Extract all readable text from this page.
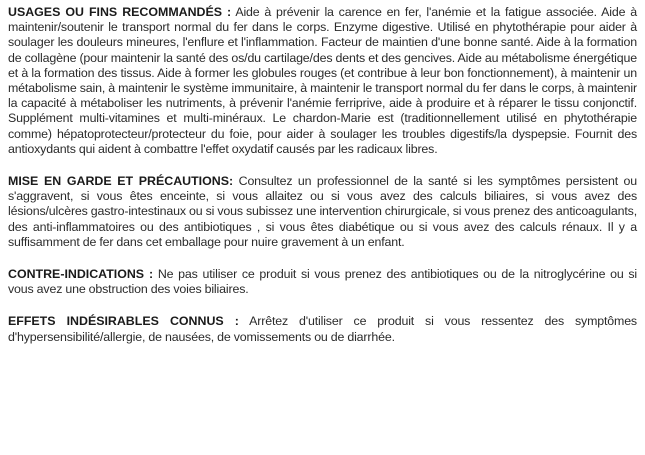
USAGES OU FINS RECOMMANDÉS : Aide à prévenir la carence en fer, l'anémie et la fatigue associée. Aide à maintenir/soutenir le transport normal du fer dans le corps. Enzyme digestive. Utilisé en phytothérapie pour aider à soulager les douleurs mineures, l'enflure et l'inflammation. Facteur de maintien d'une bonne santé. Aide à la formation de collagène (pour maintenir la santé des os/du cartilage/des dents et des gencives. Aide au métabolisme énergétique et à la formation des tissus. Aide à former les globules rouges (et contribue à leur bon fonctionnement), à maintenir un métabolisme sain, à maintenir le système immunitaire, à maintenir le transport normal du fer dans le corps, à maintenir la capacité à métaboliser les nutriments, à prévenir l'anémie ferriprive, aide à produire et à réparer le tissu conjonctif. Supplément multi-vitamines et multi-minéraux. Le chardon-Marie est (traditionnellement utilisé en phytothérapie comme) hépatoprotecteur/protecteur du foie, pour aider à soulager les troubles digestifs/la dyspepsie. Fournit des antioxydants qui aident à combattre l'effet oxydatif causés par les radicaux libres.

MISE EN GARDE ET PRÉCAUTIONS: Consultez un professionnel de la santé si les symptômes persistent ou s'aggravent, si vous êtes enceinte, si vous allaitez ou si vous avez des calculs biliaires, si vous avez des lésions/ulcères gastro-intestinaux ou si vous subissez une intervention chirurgicale, si vous prenez des anticoagulants, des anti-inflammatoires ou des antibiotiques , si vous êtes diabétique ou si vous avez des calculs rénaux. Il y a suffisamment de fer dans cet emballage pour nuire gravement à un enfant.

CONTRE-INDICATIONS : Ne pas utiliser ce produit si vous prenez des antibiotiques ou de la nitroglycérine ou si vous avez une obstruction des voies biliaires.

EFFETS INDÉSIRABLES CONNUS : Arrêtez d'utiliser ce produit si vous ressentez des symptômes d'hypersensibilité/allergie, de nausées, de vomissements ou de diarrhée.
